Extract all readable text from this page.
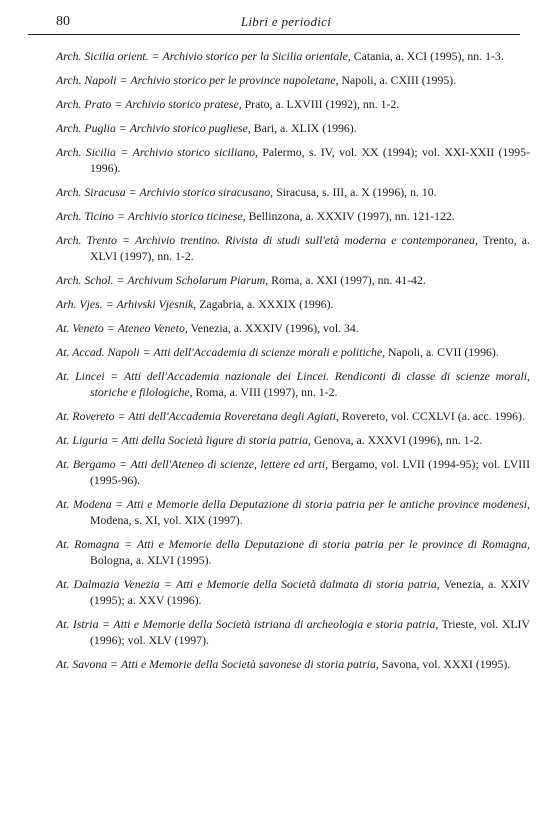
80	Libri e periodici
Arch. Sicilia orient. = Archivio storico per la Sicilia orientale, Catania, a. XCI (1995), nn. 1-3.
Arch. Napoli = Archivio storico per le province napoletane, Napoli, a. CXIII (1995).
Arch. Prato = Archivio storico pratese, Prato, a. LXVIII (1992), nn. 1-2.
Arch. Puglia = Archivio storico pugliese, Bari, a. XLIX (1996).
Arch. Sicilia = Archivio storico siciliano, Palermo, s. IV, vol. XX (1994); vol. XXI-XXII (1995-1996).
Arch. Siracusa = Archivio storico siracusano, Siracusa, s. III, a. X (1996), n. 10.
Arch. Ticino = Archivio storico ticinese, Bellinzona, a. XXXIV (1997), nn. 121-122.
Arch. Trento = Archivio trentino. Rivista di studi sull'età moderna e contemporanea, Trento, a. XLVI (1997), nn. 1-2.
Arch. Schol. = Archivum Scholarum Piarum, Roma, a. XXI (1997), nn. 41-42.
Arh. Vjes. = Arhivski Vjesnik, Zagabria, a. XXXIX (1996).
At. Veneto = Ateneo Veneto, Venezia, a. XXXIV (1996), vol. 34.
At. Accad. Napoli = Atti dell'Accademia di scienze morali e politiche, Napoli, a. CVII (1996).
At. Lincei = Atti dell'Accademia nazionale dei Lincei. Rendiconti di classe di scienze morali, storiche e filologiche, Roma, a. VIII (1997), nn. 1-2.
At. Rovereto = Atti dell'Accademia Roveretana degli Agiati, Rovereto, vol. CCXLVI (a. acc. 1996).
At. Liguria = Atti della Società ligure di storia patria, Genova, a. XXXVI (1996), nn. 1-2.
At. Bergamo = Atti dell'Ateneo di scienze, lettere ed arti, Bergamo, vol. LVII (1994-95); vol. LVIII (1995-96).
At. Modena = Atti e Memorie della Deputazione di storia patria per le antiche province modenesi, Modena, s. XI, vol. XIX (1997).
At. Romagna = Atti e Memorie della Deputazione di storia patria per le province di Romagna, Bologna, a. XLVI (1995).
At. Dalmazia Venezia = Atti e Memorie della Società dalmata di storia patria, Venezia, a. XXIV (1995); a. XXV (1996).
At. Istria = Atti e Memorie della Società istriana di archeologia e storia patria, Trieste, vol. XLIV (1996); vol. XLV (1997).
At. Savona = Atti e Memorie della Società savonese di storia patria, Savona, vol. XXXI (1995).
